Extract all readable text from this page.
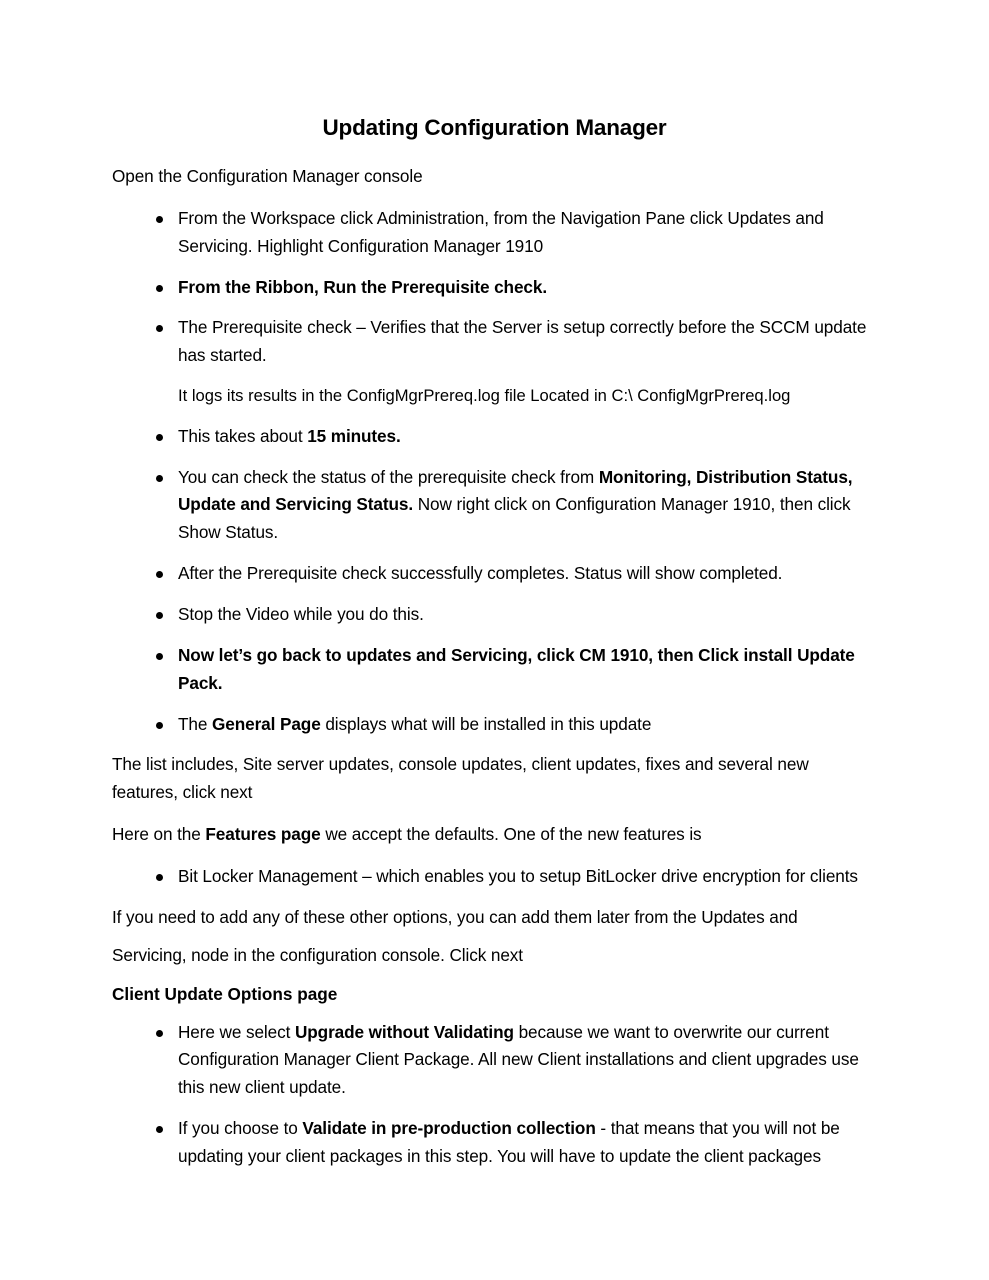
Updating Configuration Manager

Open the Configuration Manager console

From the Workspace click Administration, from the Navigation Pane click Updates and Servicing. Highlight Configuration Manager 1910
From the Ribbon, Run the Prerequisite check.
The Prerequisite check – Verifies that the Server is setup correctly before the SCCM update has started.
It logs its results in the ConfigMgrPrereq.log file Located in C:\ ConfigMgrPrereq.log
This takes about 15 minutes.
You can check the status of the prerequisite check from Monitoring, Distribution Status, Update and Servicing Status. Now right click on Configuration Manager 1910, then click Show Status.
After the Prerequisite check successfully completes. Status will show completed.
Stop the Video while you do this.
Now let’s go back to updates and Servicing, click CM 1910, then Click install Update Pack.
The General Page displays what will be installed in this update

The list includes, Site server updates, console updates, client updates, fixes and several new features, click next

Here on the Features page we accept the defaults. One of the new features is

Bit Locker Management – which enables you to setup BitLocker drive encryption for clients

If you need to add any of these other options, you can add them later from the Updates and

Servicing, node in the configuration console. Click next

Client Update Options page

Here we select Upgrade without Validating because we want to overwrite our current Configuration Manager Client Package. All new Client installations and client upgrades use this new client update.
If you choose to Validate in pre-production collection - that means that you will not be updating your client packages in this step. You will have to update the client packages
